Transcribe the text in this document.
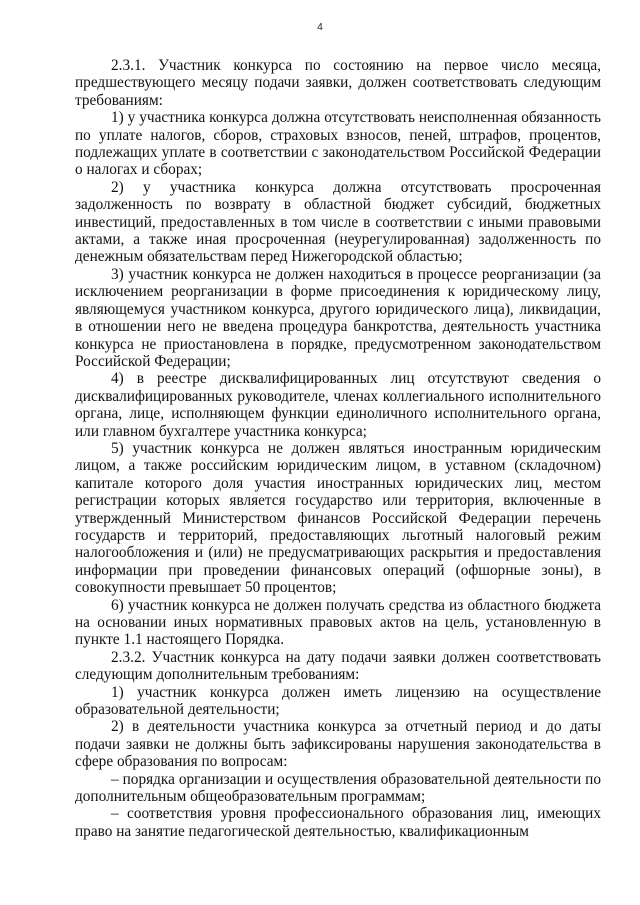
4

2.3.1. Участник конкурса по состоянию на первое число месяца, предшествующего месяцу подачи заявки, должен соответствовать следующим требованиям:

1) у участника конкурса должна отсутствовать неисполненная обязанность по уплате налогов, сборов, страховых взносов, пеней, штрафов, процентов, подлежащих уплате в соответствии с законодательством Российской Федерации о налогах и сборах;

2) у участника конкурса должна отсутствовать просроченная задолженность по возврату в областной бюджет субсидий, бюджетных инвестиций, предоставленных в том числе в соответствии с иными правовыми актами, а также иная просроченная (неурегулированная) задолженность по денежным обязательствам перед Нижегородской областью;

3) участник конкурса не должен находиться в процессе реорганизации (за исключением реорганизации в форме присоединения к юридическому лицу, являющемуся участником конкурса, другого юридического лица), ликвидации, в отношении него не введена процедура банкротства, деятельность участника конкурса не приостановлена в порядке, предусмотренном законодательством Российской Федерации;

4) в реестре дисквалифицированных лиц отсутствуют сведения о дисквалифицированных руководителе, членах коллегиального исполнительного органа, лице, исполняющем функции единоличного исполнительного органа, или главном бухгалтере участника конкурса;

5) участник конкурса не должен являться иностранным юридическим лицом, а также российским юридическим лицом, в уставном (складочном) капитале которого доля участия иностранных юридических лиц, местом регистрации которых является государство или территория, включенные в утвержденный Министерством финансов Российской Федерации перечень государств и территорий, предоставляющих льготный налоговый режим налогообложения и (или) не предусматривающих раскрытия и предоставления информации при проведении финансовых операций (офшорные зоны), в совокупности превышает 50 процентов;

6) участник конкурса не должен получать средства из областного бюджета на основании иных нормативных правовых актов на цель, установленную в пункте 1.1 настоящего Порядка.

2.3.2. Участник конкурса на дату подачи заявки должен соответствовать следующим дополнительным требованиям:

1) участник конкурса должен иметь лицензию на осуществление образовательной деятельности;

2) в деятельности участника конкурса за отчетный период и до даты подачи заявки не должны быть зафиксированы нарушения законодательства в сфере образования по вопросам:

– порядка организации и осуществления образовательной деятельности по дополнительным общеобразовательным программам;

– соответствия уровня профессионального образования лиц, имеющих право на занятие педагогической деятельностью, квалификационным
